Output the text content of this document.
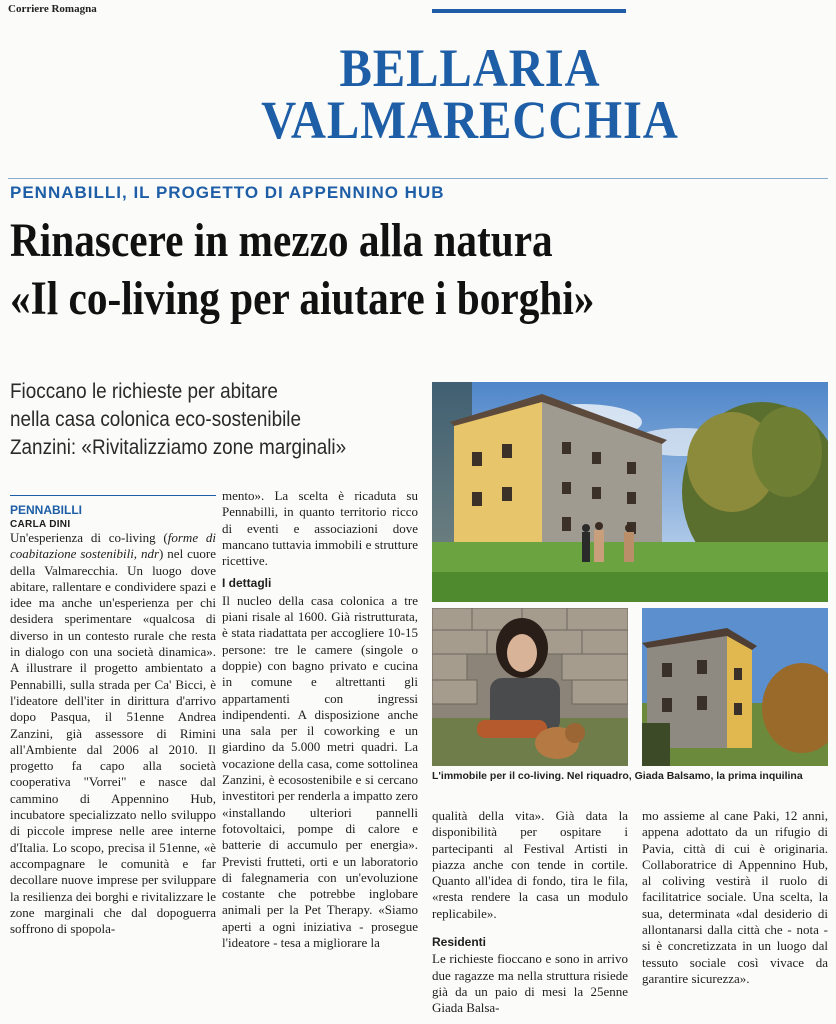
Corriere Romagna
BELLARIA
VALMARECCHIA
PENNABILLI, IL PROGETTO DI APPENNINO HUB
Rinascere in mezzo alla natura
«Il co-living per aiutare i borghi»
Fioccano le richieste per abitare
nella casa colonica eco-sostenibile
Zanzini: «Rivitalizziamo zone marginali»
PENNABILLI
CARLA DINI

Un'esperienza di co-living (forme di coabitazione sostenibili, ndr) nel cuore della Valmarecchia. Un luogo dove abitare, rallentare e condividere spazi e idee ma anche un'esperienza per chi desidera sperimentare «qualcosa di diverso in un contesto rurale che resta in dialogo con una società dinamica». A illustrare il progetto ambientato a Pennabilli, sulla strada per Ca' Bicci, è l'ideatore dell'iter in dirittura d'arrivo dopo Pasqua, il 51enne Andrea Zanzini, già assessore di Rimini all'Ambiente dal 2006 al 2010. Il progetto fa capo alla società cooperativa "Vorrei" e nasce dal cammino di Appennino Hub, incubatore specializzato nello sviluppo di piccole imprese nelle aree interne d'Italia. Lo scopo, precisa il 51enne, «è accompagnare le comunità e far decollare nuove imprese per sviluppare la resilienza dei borghi e rivitalizzare le zone marginali che dal dopoguerra soffrono di spopola-

mento». La scelta è ricaduta su Pennabilli, in quanto territorio ricco di eventi e associazioni dove mancano tuttavia immobili e strutture ricettive.

I dettagli

Il nucleo della casa colonica a tre piani risale al 1600. Già ristrutturata, è stata riadattata per accogliere 10-15 persone: tre le camere (singole o doppie) con bagno privato e cucina in comune e altrettanti gli appartamenti con ingressi indipendenti. A disposizione anche una sala per il coworking e un giardino da 5.000 metri quadri. La vocazione della casa, come sottolinea Zanzini, è ecosostenibile e si cercano investitori per renderla a impatto zero «installando ulteriori pannelli fotovoltaici, pompe di calore e batterie di accumulo per energia». Previsti frutteti, orti e un laboratorio di falegnameria con un'evoluzione costante che potrebbe inglobare animali per la Pet Therapy. «Siamo aperti a ogni iniziativa - prosegue l'ideatore - tesa a migliorare la

L'immobile per il co-living. Nel riquadro, Giada Balsamo, la prima inquilina

qualità della vita». Già data la disponibilità per ospitare i partecipanti al Festival Artisti in piazza anche con tende in cortile. Quanto all'idea di fondo, tira le fila, «resta rendere la casa un modulo replicabile».

Residenti

Le richieste fioccano e sono in arrivo due ragazze ma nella struttura risiede già da un paio di mesi la 25enne Giada Balsa-

mo assieme al cane Paki, 12 anni, appena adottato da un rifugio di Pavia, città di cui è originaria. Collaboratrice di Appennino Hub, al coliving vestirà il ruolo di facilitatrice sociale. Una scelta, la sua, determinata «dal desiderio di allontanarsi dalla città che - nota - si è concretizzata in un luogo dal tessuto sociale così vivace da garantire sicurezza».
